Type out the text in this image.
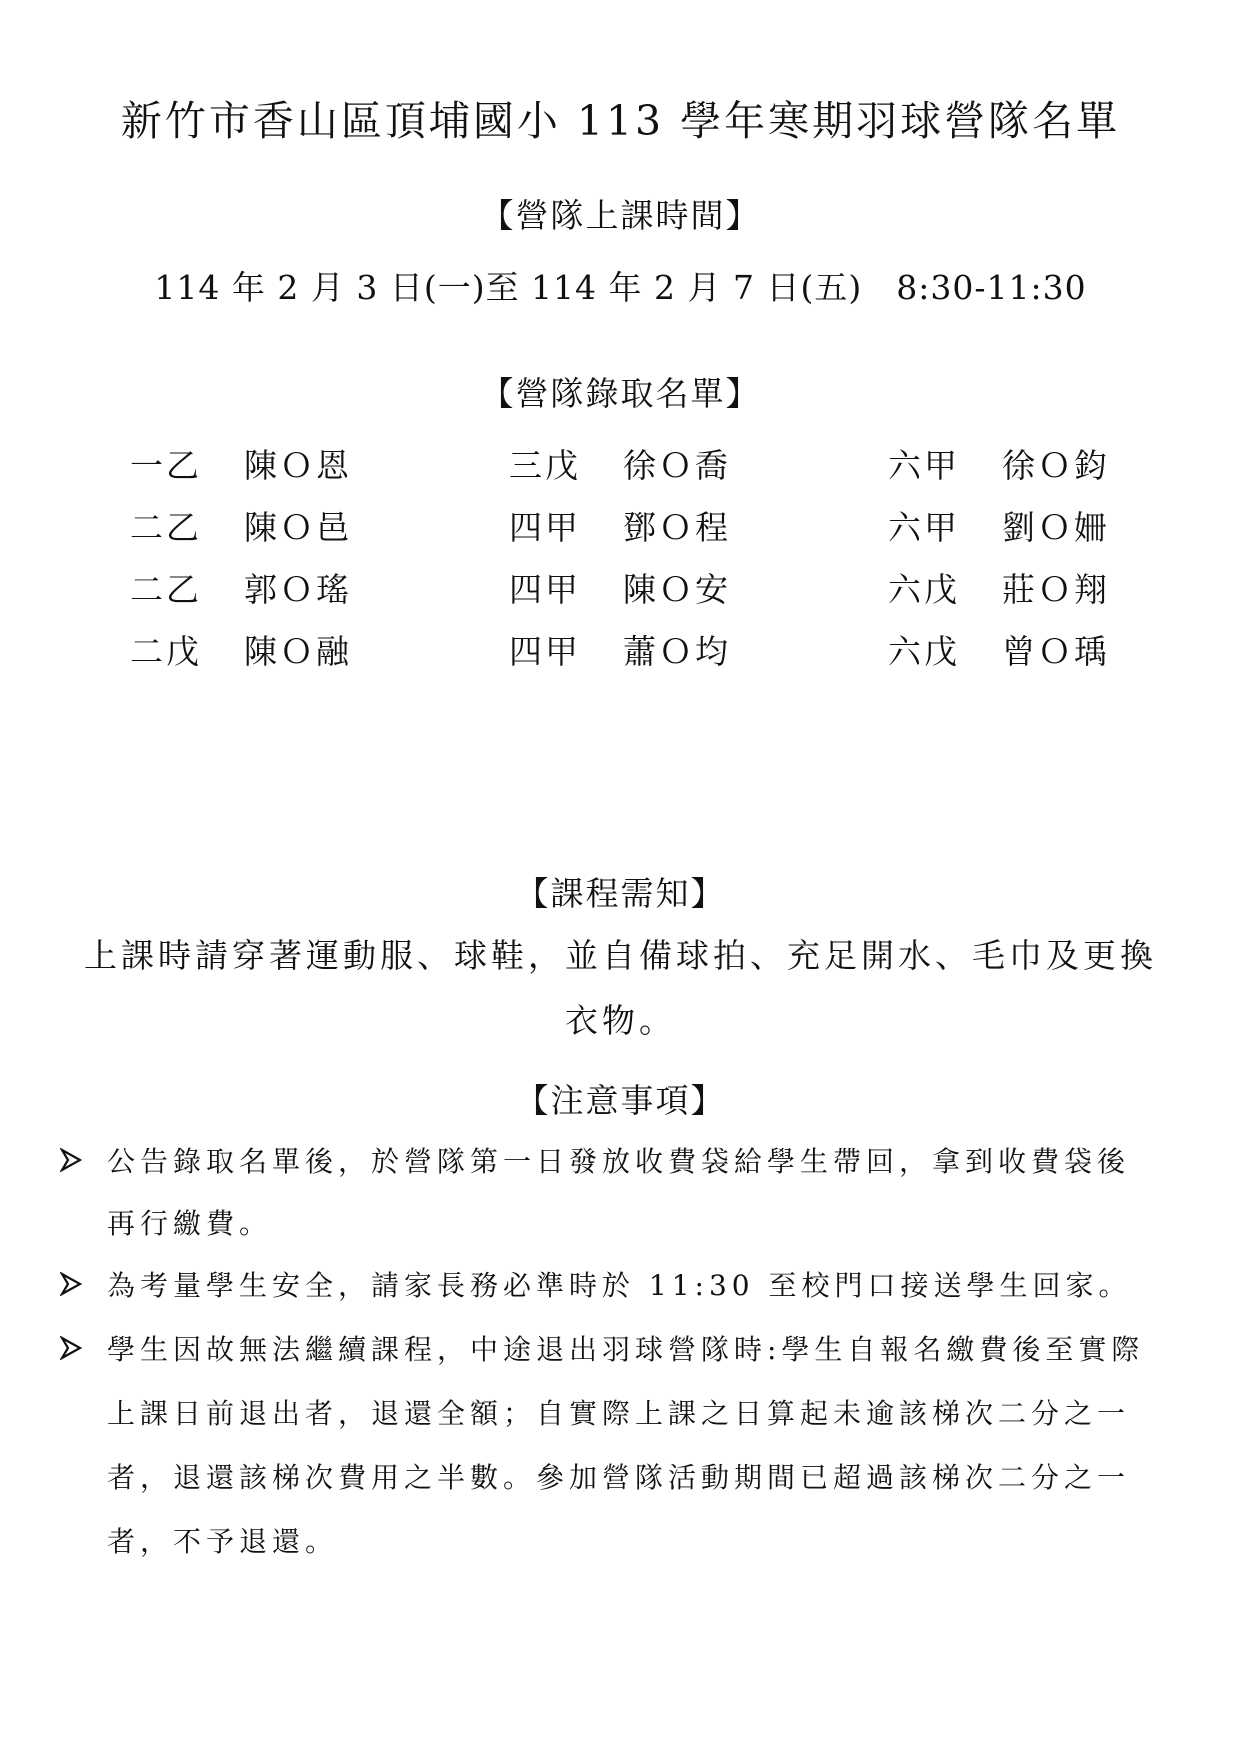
新竹市香山區頂埔國小 113 學年寒期羽球營隊名單
【營隊上課時間】
114 年 2 月 3 日(一)至 114 年 2 月 7 日(五)　8:30-11:30
【營隊錄取名單】
一乙 陳Ｏ恩
二乙 陳Ｏ邑
二乙 郭Ｏ瑤
二戊 陳Ｏ融
三戊 徐Ｏ喬
四甲 鄧Ｏ程
四甲 陳Ｏ安
四甲 蕭Ｏ均
六甲 徐Ｏ鈞
六甲 劉Ｏ姍
六戊 莊Ｏ翔
六戊 曾Ｏ瑀
【課程需知】
上課時請穿著運動服、球鞋，並自備球拍、充足開水、毛巾及更換
衣物。
【注意事項】
公告錄取名單後，於營隊第一日發放收費袋給學生帶回，拿到收費袋後
再行繳費。
為考量學生安全，請家長務必準時於 11:30 至校門口接送學生回家。
學生因故無法繼續課程，中途退出羽球營隊時:學生自報名繳費後至實際
上課日前退出者，退還全額；自實際上課之日算起未逾該梯次二分之一
者，退還該梯次費用之半數。參加營隊活動期間已超過該梯次二分之一
者，不予退還。
